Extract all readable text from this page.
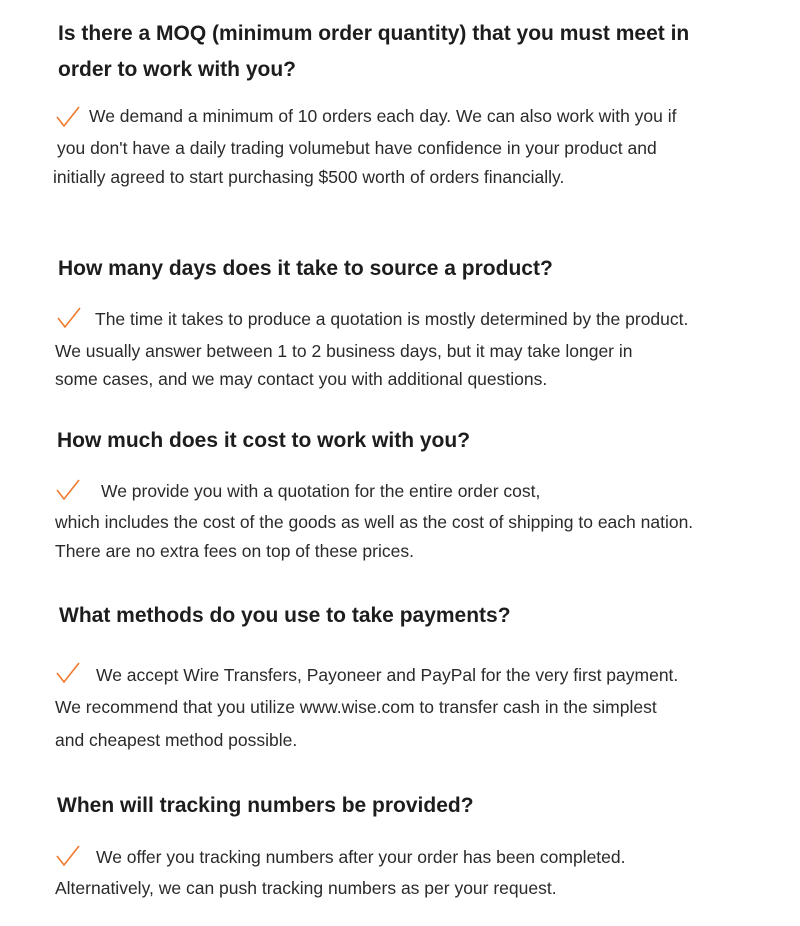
Is there a MOQ (minimum order quantity) that you must meet in
order to work with you?

We demand a minimum of 10 orders each day. We can also work with you if

you don't have a daily trading volumebut have confidence in your product and

initially agreed to start purchasing $500 worth of orders financially.

How many days does it take to source a product?

The time it takes to produce a quotation is mostly determined by the product.

We usually answer between 1 to 2 business days, but it may take longer in

some cases, and we may contact you with additional questions.

How much does it cost to work with you?

We provide you with a quotation for the entire order cost,

which includes the cost of the goods as well as the cost of shipping to each nation.

There are no extra fees on top of these prices.

What methods do you use to take payments?

We accept Wire Transfers, Payoneer and PayPal for the very first payment.

We recommend that you utilize www.wise.com to transfer cash in the simplest

and cheapest method possible.

When will tracking numbers be provided?

We offer you tracking numbers after your order has been completed.

Alternatively, we can push tracking numbers as per your request.
